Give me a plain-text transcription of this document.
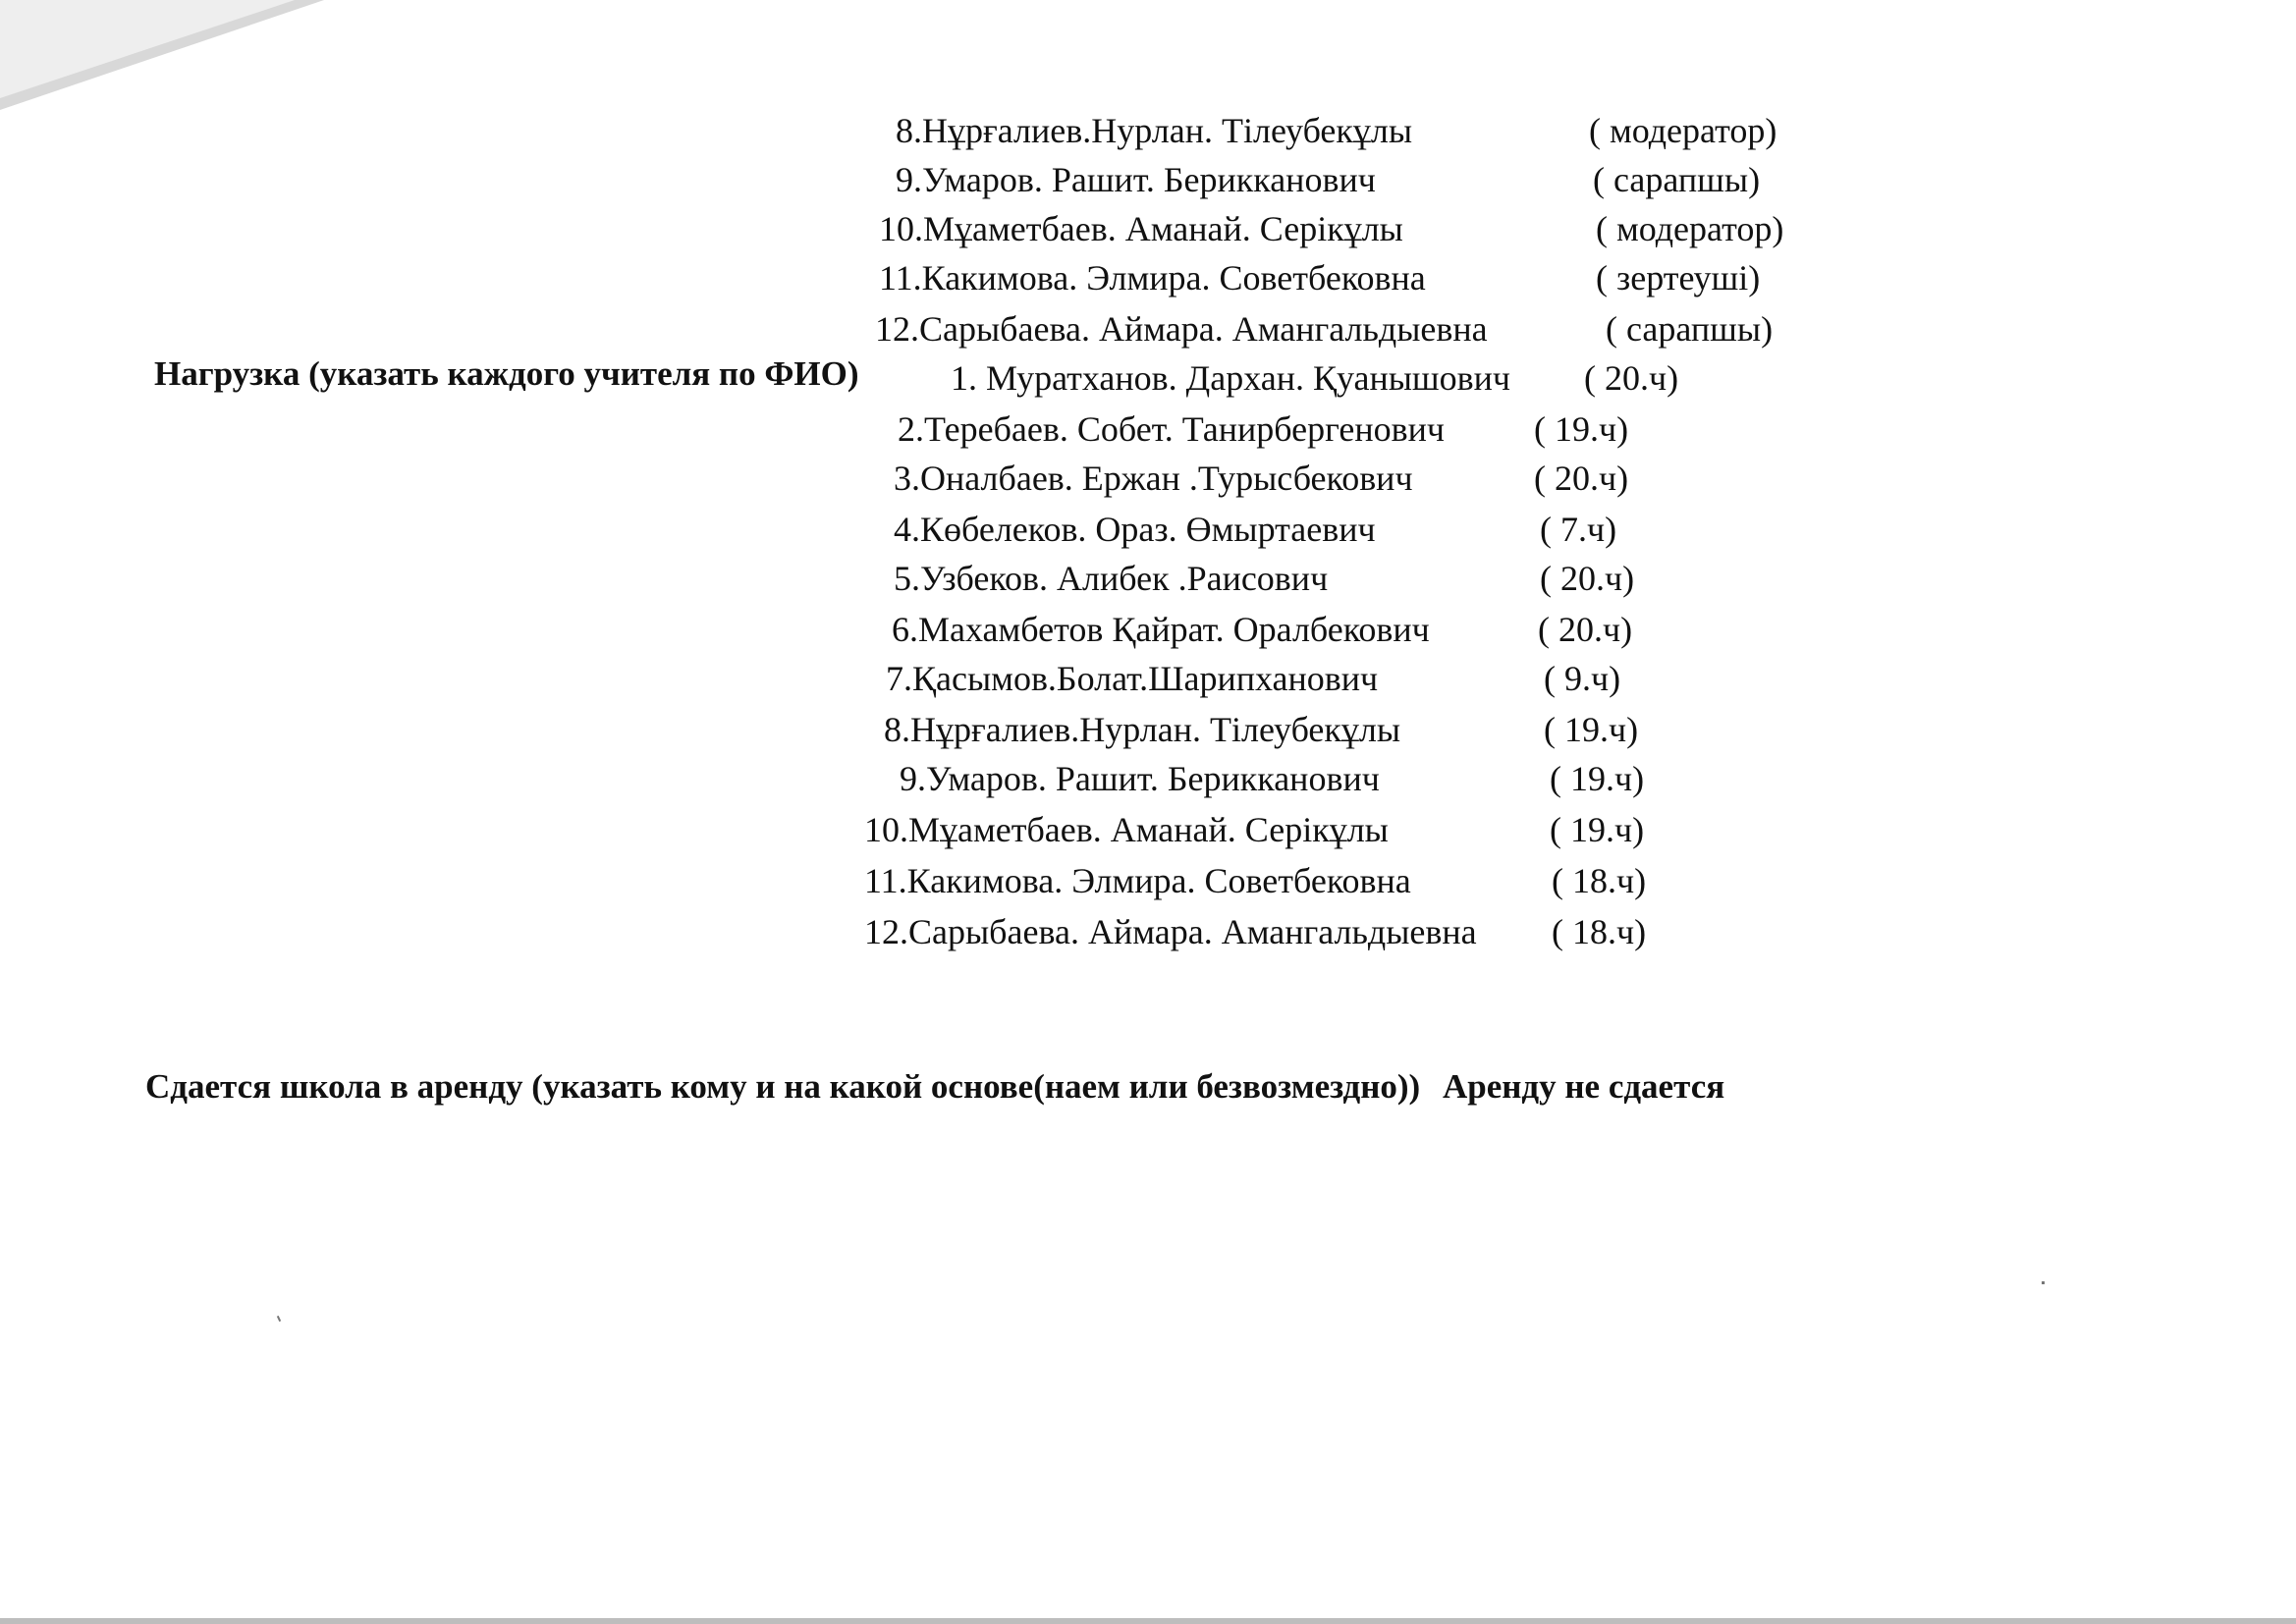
8.Нұрғалиев.Нурлан. Тілеубекұлы	( модератор)
9.Умаров. Рашит. Берикканович	( сарапшы)
10.Мұаметбаев. Аманай. Серікұлы	( модератор)
11.Какимова. Элмира. Советбековна	( зертеуші)
12.Сарыбаева. Аймара. Амангальдыевна	( сарапшы)
Нагрузка (указать каждого учителя по ФИО)	1. Муратханов. Дархан. Қуанышович ( 20.ч)
2.Теребаев. Собет. Танирбергенович	( 19.ч)
3.Оналбаев. Ержан .Турысбекович	( 20.ч)
4.Көбелеков. Ораз. Өмыртаевич	( 7.ч)
5.Узбеков. Алибек .Раисович	( 20.ч)
6.Махамбетов Қайрат. Оралбекович	( 20.ч)
7.Қасымов.Болат.Шарипханович	( 9.ч)
8.Нұрғалиев.Нурлан. Тілеубекұлы	( 19.ч)
9.Умаров. Рашит. Берикканович	( 19.ч)
10.Мұаметбаев. Аманай. Серікұлы	( 19.ч)
11.Какимова. Элмира. Советбековна	( 18.ч)
12.Сарыбаева. Аймара. Амангальдыевна ( 18.ч)
Сдается школа в аренду (указать кому и на какой основе(наем или безвозмездно)) Аренду не сдается
